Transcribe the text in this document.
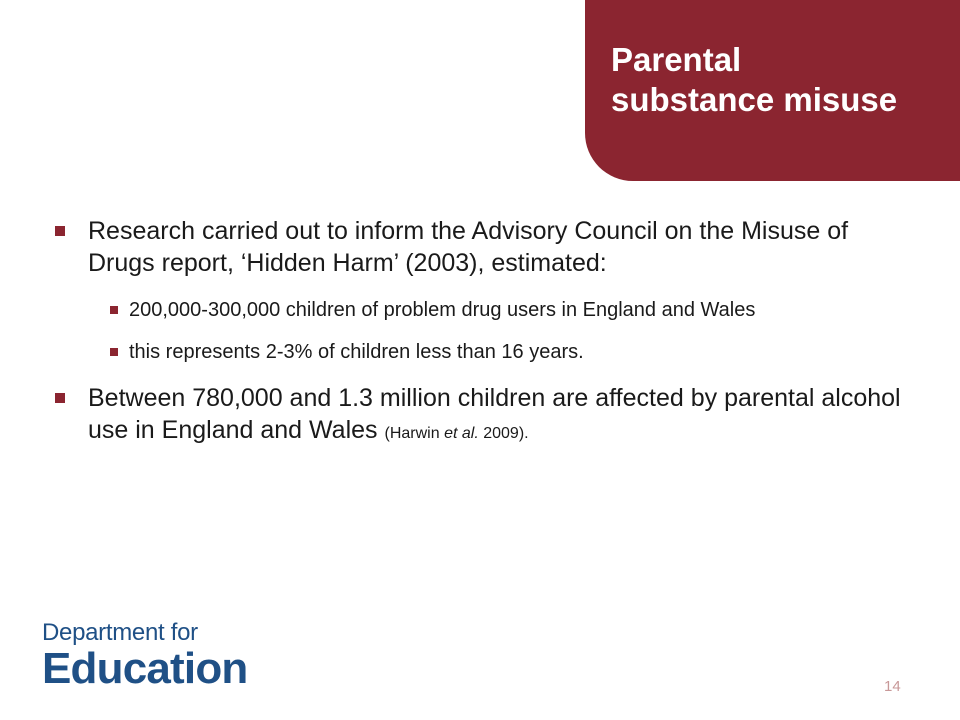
Parental
substance misuse
Research carried out to inform the Advisory Council on the Misuse of Drugs report, ‘Hidden Harm’ (2003), estimated:
200,000-300,000 children of problem drug users in England and Wales
this represents 2-3% of children less than 16 years.
Between 780,000 and 1.3 million children are affected by parental alcohol use in England and Wales (Harwin et al. 2009).
Department for
Education	14
